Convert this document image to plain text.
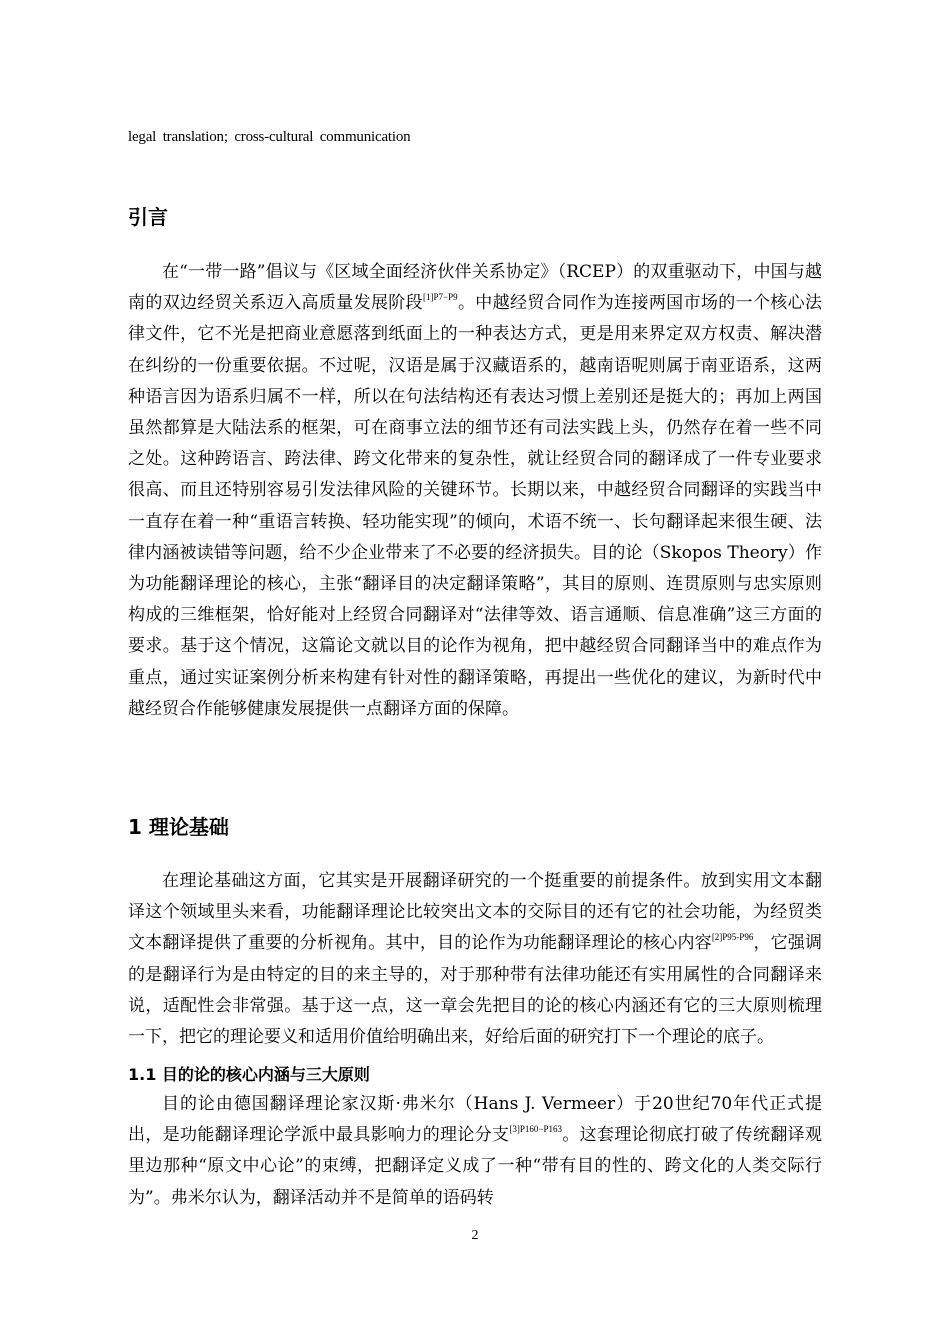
legal translation; cross-cultural communication
引言

在“一带一路”倡议与《区域全面经济伙伴关系协定》（RCEP）的双重驱动下，中国与越南的双边经贸关系迈入高质量发展阶段$^{[1]P7-P9}$。中越经贸合同作为连接两国市场的一个核心法律文件，它不光是把商业意愿落到纸面上的一种表达方式，更是用来界定双方权责、解决潜在纠纷的一份重要依据。不过呢，汉语是属于汉藏语系的，越南语呢则属于南亚语系，这两种语言因为语系归属不一样，所以在句法结构还有表达习惯上差别还是挺大的；再加上两国虽然都算是大陆法系的框架，可在商事立法的细节还有司法实践上头，仍然存在着一些不同之处。这种跨语言、跨法律、跨文化带来的复杂性，就让经贸合同的翻译成了一件专业要求很高、而且还特别容易引发法律风险的关键环节。长期以来，中越经贸合同翻译的实践当中一直存在着一种“重语言转换、轻功能实现”的倾向，术语不统一、长句翻译起来很生硬、法律内涵被读错等问题，给不少企业带来了不必要的经济损失。目的论（Skopos Theory）作为功能翻译理论的核心，主张“翻译目的决定翻译策略”，其目的原则、连贯原则与忠实原则构成的三维框架，恰好能对上经贸合同翻译对“法律等效、语言通顺、信息准确”这三方面的要求。基于这个情况，这篇论文就以目的论作为视角，把中越经贸合同翻译当中的难点作为重点，通过实证案例分析来构建有针对性的翻译策略，再提出一些优化的建议，为新时代中越经贸合作能够健康发展提供一点翻译方面的保障。

1 理论基础

在理论基础这方面，它其实是开展翻译研究的一个挺重要的前提条件。放到实用文本翻译这个领域里头来看，功能翻译理论比较突出文本的交际目的还有它的社会功能，为经贸类文本翻译提供了重要的分析视角。其中，目的论作为功能翻译理论的核心内容$^{[2]P95-P96}$，它强调的是翻译行为是由特定的目的来主导的，对于那种带有法律功能还有实用属性的合同翻译来说，适配性会非常强。基于这一点，这一章会先把目的论的核心内涵还有它的三大原则梳理一下，把它的理论要义和适用价值给明确出来，好给后面的研究打下一个理论的底子。

1.1 目的论的核心内涵与三大原则

目的论由德国翻译理论家汉斯·弗米尔（Hans J. Vermeer）于20世纪70年代正式提出，是功能翻译理论学派中最具影响力的理论分支$^{[3]P160-P163}$。这套理论彻底打破了传统翻译观里边那种“原文中心论”的束缚，把翻译定义成了一种“带有目的性的、跨文化的人类交际行为”。弗米尔认为，翻译活动并不是简单的语码转

2
